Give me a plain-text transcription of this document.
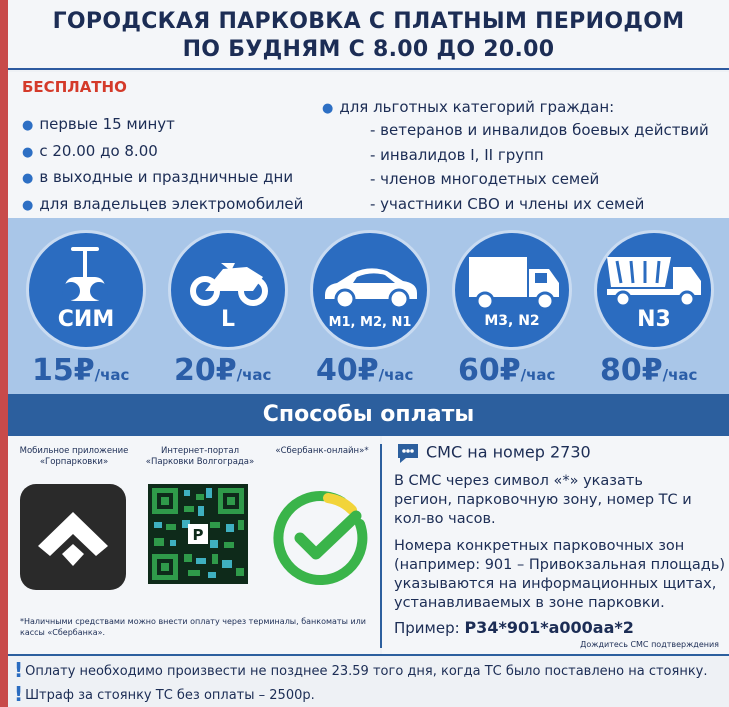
ГОРОДСКАЯ ПАРКОВКА С ПЛАТНЫМ ПЕРИОДОМ
ПО БУДНЯМ С 8.00 ДО 20.00
БЕСПЛАТНО
● первые 15 минут
● с 20.00 до 8.00
● в выходные и праздничные дни
● для владельцев электромобилей
● для льготных категорий граждан:
- ветеранов и инвалидов боевых действий
- инвалидов I, II групп
- членов многодетных семей
- участники СВО и члены их семей
СИМ	L	M1, M2, N1	M3, N2	N3
15₽/час 20₽/час 40₽/час 60₽/час 80₽/час
Способы оплаты
Мобильное приложение «Горпарковки»
Интернет-портал «Парковки Волгограда»
«Сбербанк-онлайн»*
P
*Наличными средствами можно внести оплату через терминалы, банкоматы или кассы «Сбербанка».
СМС на номер 2730
В СМС через символ «*» указать регион, парковочную зону, номер ТС и кол-во часов.
Номера конкретных парковочных зон (например: 901 – Привокзальная площадь) указываются на информационных щитах, устанавливаемых в зоне парковки.
Пример: Р34*901*а000аа*2
Дождитесь СМС подтверждения
! Оплату необходимо произвести не позднее 23.59 того дня, когда ТС было поставлено на стоянку.
! Штраф за стоянку ТС без оплаты – 2500р.
